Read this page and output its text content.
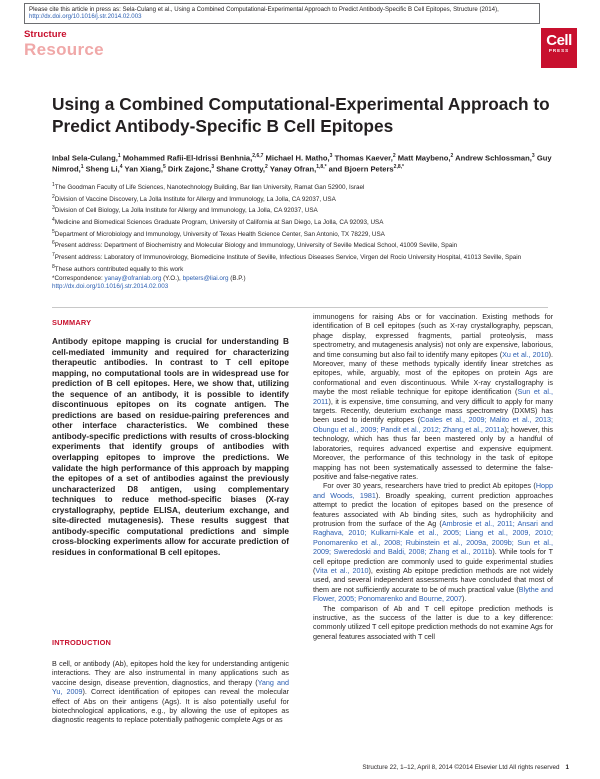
Please cite this article in press as: Sela-Culang et al., Using a Combined Computational-Experimental Approach to Predict Antibody-Specific B Cell Epitopes, Structure (2014), http://dx.doi.org/10.1016/j.str.2014.02.003
Structure
Resource	Cell
PRESS
Using a Combined Computational-Experimental Approach to Predict Antibody-Specific B Cell Epitopes
Inbal Sela-Culang,$^1$ Mohammed Rafii-El-Idrissi Benhnia,$^{2,6,7}$ Michael H. Matho,$^3$ Thomas Kaever,$^2$ Matt Maybeno,$^2$ Andrew Schlossman,$^3$ Guy Nimrod,$^1$ Sheng Li,$^4$ Yan Xiang,$^5$ Dirk Zajonc,$^3$ Shane Crotty,$^2$ Yanay Ofran,$^{1,8,*}$ and Bjoern Peters$^{2,8,*}$
$^1$The Goodman Faculty of Life Sciences, Nanotechnology Building, Bar Ilan University, Ramat Gan 52900, Israel
$^2$Division of Vaccine Discovery, La Jolla Institute for Allergy and Immunology, La Jolla, CA 92037, USA
$^3$Division of Cell Biology, La Jolla Institute for Allergy and Immunology, La Jolla, CA 92037, USA
$^4$Medicine and Biomedical Sciences Graduate Program, University of California at San Diego, La Jolla, CA 92093, USA
$^5$Department of Microbiology and Immunology, University of Texas Health Science Center, San Antonio, TX 78229, USA
$^6$Present address: Department of Biochemistry and Molecular Biology and Immunology, University of Seville Medical School, 41009 Seville, Spain
$^7$Present address: Laboratory of Immunovirology, Biomedicine Institute of Seville, Infectious Diseases Service, Virgen del Rocio University Hospital, 41013 Seville, Spain
$^8$These authors contributed equally to this work
*Correspondence: yanay@ofranlab.org (Y.O.), bpeters@liai.org (B.P.)
http://dx.doi.org/10.1016/j.str.2014.02.003
SUMMARY
Antibody epitope mapping is crucial for understanding B cell-mediated immunity and required for characterizing therapeutic antibodies. In contrast to T cell epitope mapping, no computational tools are in widespread use for prediction of B cell epitopes. Here, we show that, utilizing the sequence of an antibody, it is possible to identify discontinuous epitopes on its cognate antigen. The predictions are based on residue-pairing preferences and other interface characteristics. We combined these antibody-specific predictions with results of cross-blocking experiments that identify groups of antibodies with overlapping epitopes to improve the predictions. We validate the high performance of this approach by mapping the epitopes of a set of antibodies against the previously uncharacterized D8 antigen, using complementary techniques to reduce method-specific biases (X-ray crystallography, peptide ELISA, deuterium exchange, and site-directed mutagenesis). These results suggest that antibody-specific computational predictions and simple cross-blocking experiments allow for accurate prediction of residues in conformational B cell epitopes.
INTRODUCTION
B cell, or antibody (Ab), epitopes hold the key for understanding antigenic interactions. They are also instrumental in many applications such as vaccine design, disease prevention, diagnostics, and therapy (Yang and Yu, 2009). Correct identification of epitopes can reveal the molecular effect of Abs on their antigens (Ags). It is also potentially useful for biotechnological applications, e.g., by allowing the use of epitopes as diagnostic reagents to replace potentially pathogenic complete Ags or as

immunogens for raising Abs or for vaccination. Existing methods for identification of B cell epitopes (such as X-ray crystallography, pepscan, phage display, expressed fragments, partial proteolysis, mass spectrometry, and mutagenesis analysis) not only are expensive, laborious, and time consuming but also fail to identify many epitopes (Xu et al., 2010). Moreover, many of these methods typically identify linear stretches as epitopes, while, arguably, most of the epitopes on protein Ags are conformational and even discontinuous. While X-ray crystallography is maybe the most reliable technique for epitope identification (Sun et al., 2011), it is expensive, time consuming, and very difficult to apply for many targets. Recently, deuterium exchange mass spectrometry (DXMS) has been used to identify epitopes (Coales et al., 2009; Malito et al., 2013; Obungu et al., 2009; Pandit et al., 2012; Zhang et al., 2011a); however, this technology, which has thus far been mastered only by a handful of laboratories, requires advanced expertise and expensive equipment. Moreover, the performance of this technology in the task of epitope mapping has not been systematically assessed to determine the false-positive and false-negative rates.

For over 30 years, researchers have tried to predict Ab epitopes (Hopp and Woods, 1981). Broadly speaking, current prediction approaches attempt to predict the location of epitopes based on the presence of features associated with Ab binding sites, such as hydrophilicity and protrusion from the surface of the Ag (Ambrosie et al., 2011; Ansari and Raghava, 2010; Kulkarni-Kale et al., 2005; Liang et al., 2009, 2010; Ponomarenko et al., 2008; Rubinstein et al., 2009a, 2009b; Sun et al., 2009; Sweredoski and Baldi, 2008; Zhang et al., 2011b). While tools for T cell epitope prediction are commonly used to guide experimental studies (Vita et al., 2010), existing Ab epitope prediction methods are not widely used, and several independent assessments have concluded that most of them are not sufficiently accurate to be of much practical value (Blythe and Flower, 2005; Ponomarenko and Bourne, 2007).

The comparison of Ab and T cell epitope prediction methods is instructive, as the success of the latter is due to a key difference: commonly utilized T cell epitope prediction methods do not examine Ags for general features associated with T cell

Structure 22, 1–12, April 8, 2014 ©2014 Elsevier Ltd All rights reserved 1
